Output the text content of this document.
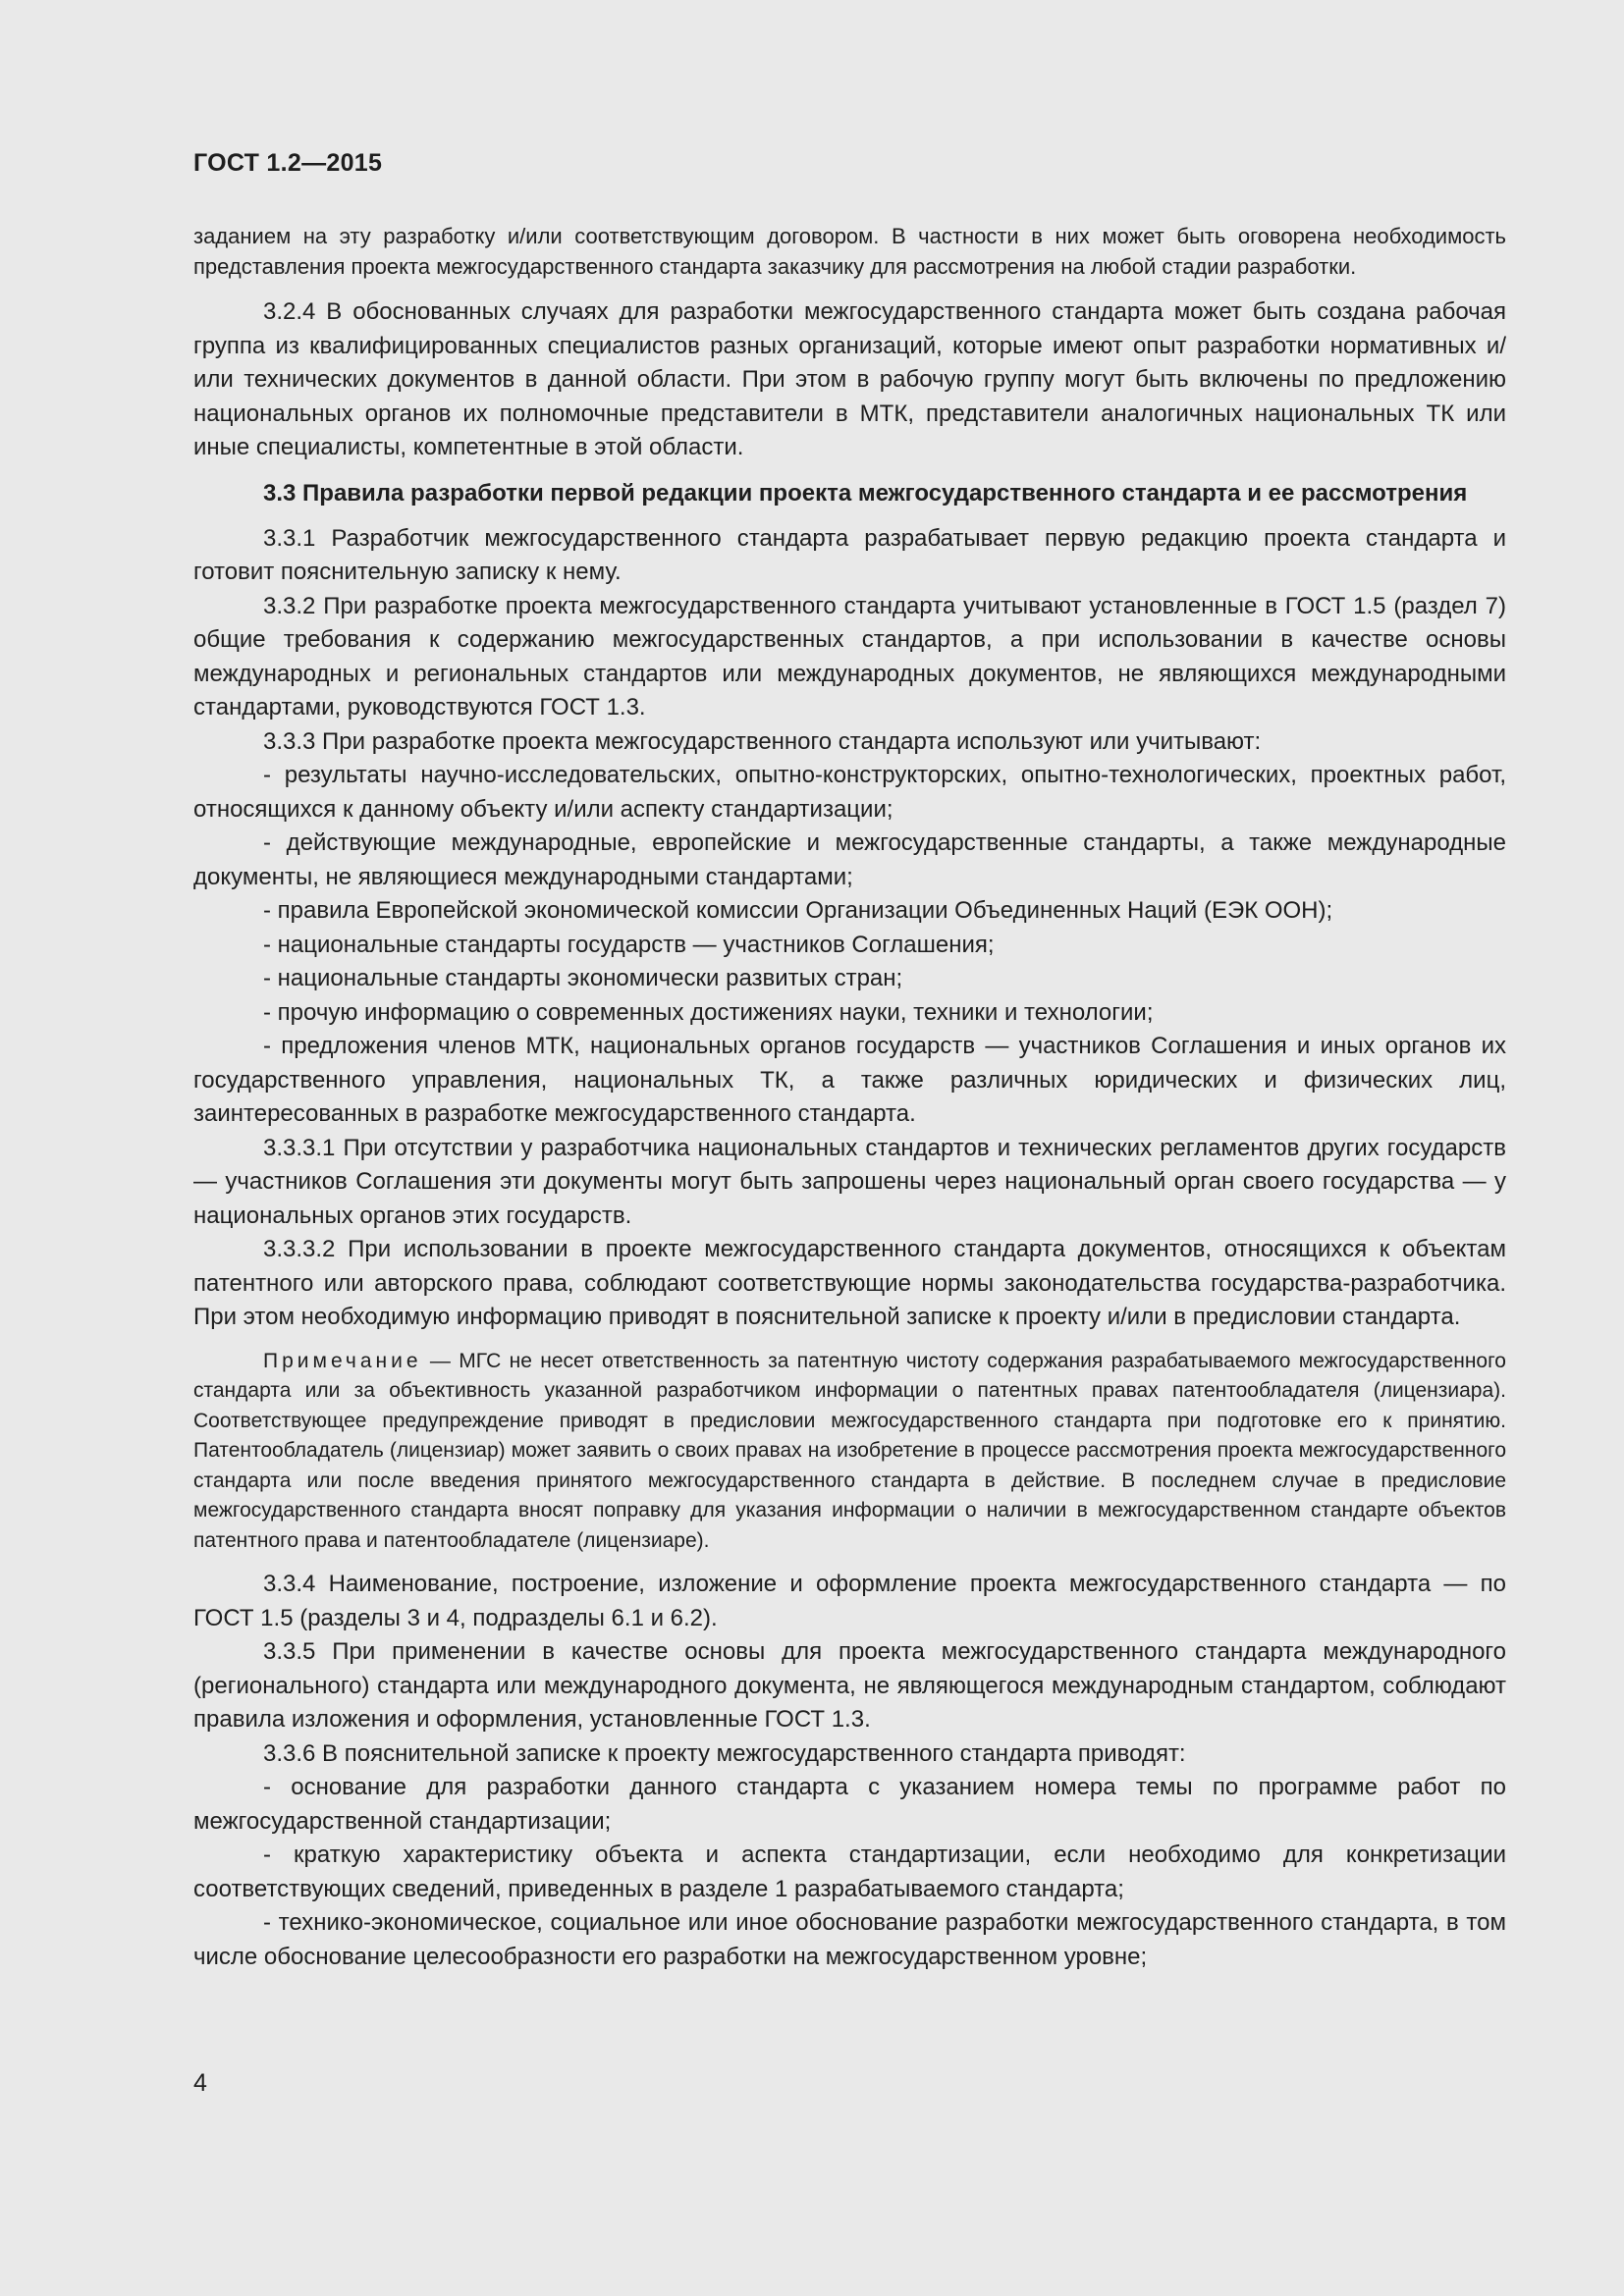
ГОСТ 1.2—2015

заданием на эту разработку и/или соответствующим договором. В частности в них может быть оговорена необходимость представления проекта межгосударственного стандарта заказчику для рассмотрения на любой стадии разработки.

3.2.4 В обоснованных случаях для разработки межгосударственного стандарта может быть создана рабочая группа из квалифицированных специалистов разных организаций, которые имеют опыт разработки нормативных и/или технических документов в данной области. При этом в рабочую группу могут быть включены по предложению национальных органов их полномочные представители в МТК, представители аналогичных национальных ТК или иные специалисты, компетентные в этой области.

3.3 Правила разработки первой редакции проекта межгосударственного стандарта и ее рассмотрения

3.3.1 Разработчик межгосударственного стандарта разрабатывает первую редакцию проекта стандарта и готовит пояснительную записку к нему.

3.3.2 При разработке проекта межгосударственного стандарта учитывают установленные в ГОСТ 1.5 (раздел 7) общие требования к содержанию межгосударственных стандартов, а при использовании в качестве основы международных и региональных стандартов или международных документов, не являющихся международными стандартами, руководствуются ГОСТ 1.3.

3.3.3 При разработке проекта межгосударственного стандарта используют или учитывают:

- результаты научно-исследовательских, опытно-конструкторских, опытно-технологических, проектных работ, относящихся к данному объекту и/или аспекту стандартизации;

- действующие международные, европейские и межгосударственные стандарты, а также международные документы, не являющиеся международными стандартами;

- правила Европейской экономической комиссии Организации Объединенных Наций (ЕЭК ООН);

- национальные стандарты государств — участников Соглашения;

- национальные стандарты экономически развитых стран;

- прочую информацию о современных достижениях науки, техники и технологии;

- предложения членов МТК, национальных органов государств — участников Соглашения и иных органов их государственного управления, национальных ТК, а также различных юридических и физических лиц, заинтересованных в разработке межгосударственного стандарта.

3.3.3.1 При отсутствии у разработчика национальных стандартов и технических регламентов других государств — участников Соглашения эти документы могут быть запрошены через национальный орган своего государства — у национальных органов этих государств.

3.3.3.2 При использовании в проекте межгосударственного стандарта документов, относящихся к объектам патентного или авторского права, соблюдают соответствующие нормы законодательства государства-разработчика. При этом необходимую информацию приводят в пояснительной записке к проекту и/или в предисловии стандарта.

Примечание — МГС не несет ответственность за патентную чистоту содержания разрабатываемого межгосударственного стандарта или за объективность указанной разработчиком информации о патентных правах патентообладателя (лицензиара). Соответствующее предупреждение приводят в предисловии межгосударственного стандарта при подготовке его к принятию. Патентообладатель (лицензиар) может заявить о своих правах на изобретение в процессе рассмотрения проекта межгосударственного стандарта или после введения принятого межгосударственного стандарта в действие. В последнем случае в предисловие межгосударственного стандарта вносят поправку для указания информации о наличии в межгосударственном стандарте объектов патентного права и патентообладателе (лицензиаре).

3.3.4 Наименование, построение, изложение и оформление проекта межгосударственного стандарта — по ГОСТ 1.5 (разделы 3 и 4, подразделы 6.1 и 6.2).

3.3.5 При применении в качестве основы для проекта межгосударственного стандарта международного (регионального) стандарта или международного документа, не являющегося международным стандартом, соблюдают правила изложения и оформления, установленные ГОСТ 1.3.

3.3.6 В пояснительной записке к проекту межгосударственного стандарта приводят:

- основание для разработки данного стандарта с указанием номера темы по программе работ по межгосударственной стандартизации;

- краткую характеристику объекта и аспекта стандартизации, если необходимо для конкретизации соответствующих сведений, приведенных в разделе 1 разрабатываемого стандарта;

- технико-экономическое, социальное или иное обоснование разработки межгосударственного стандарта, в том числе обоснование целесообразности его разработки на межгосударственном уровне;

4
